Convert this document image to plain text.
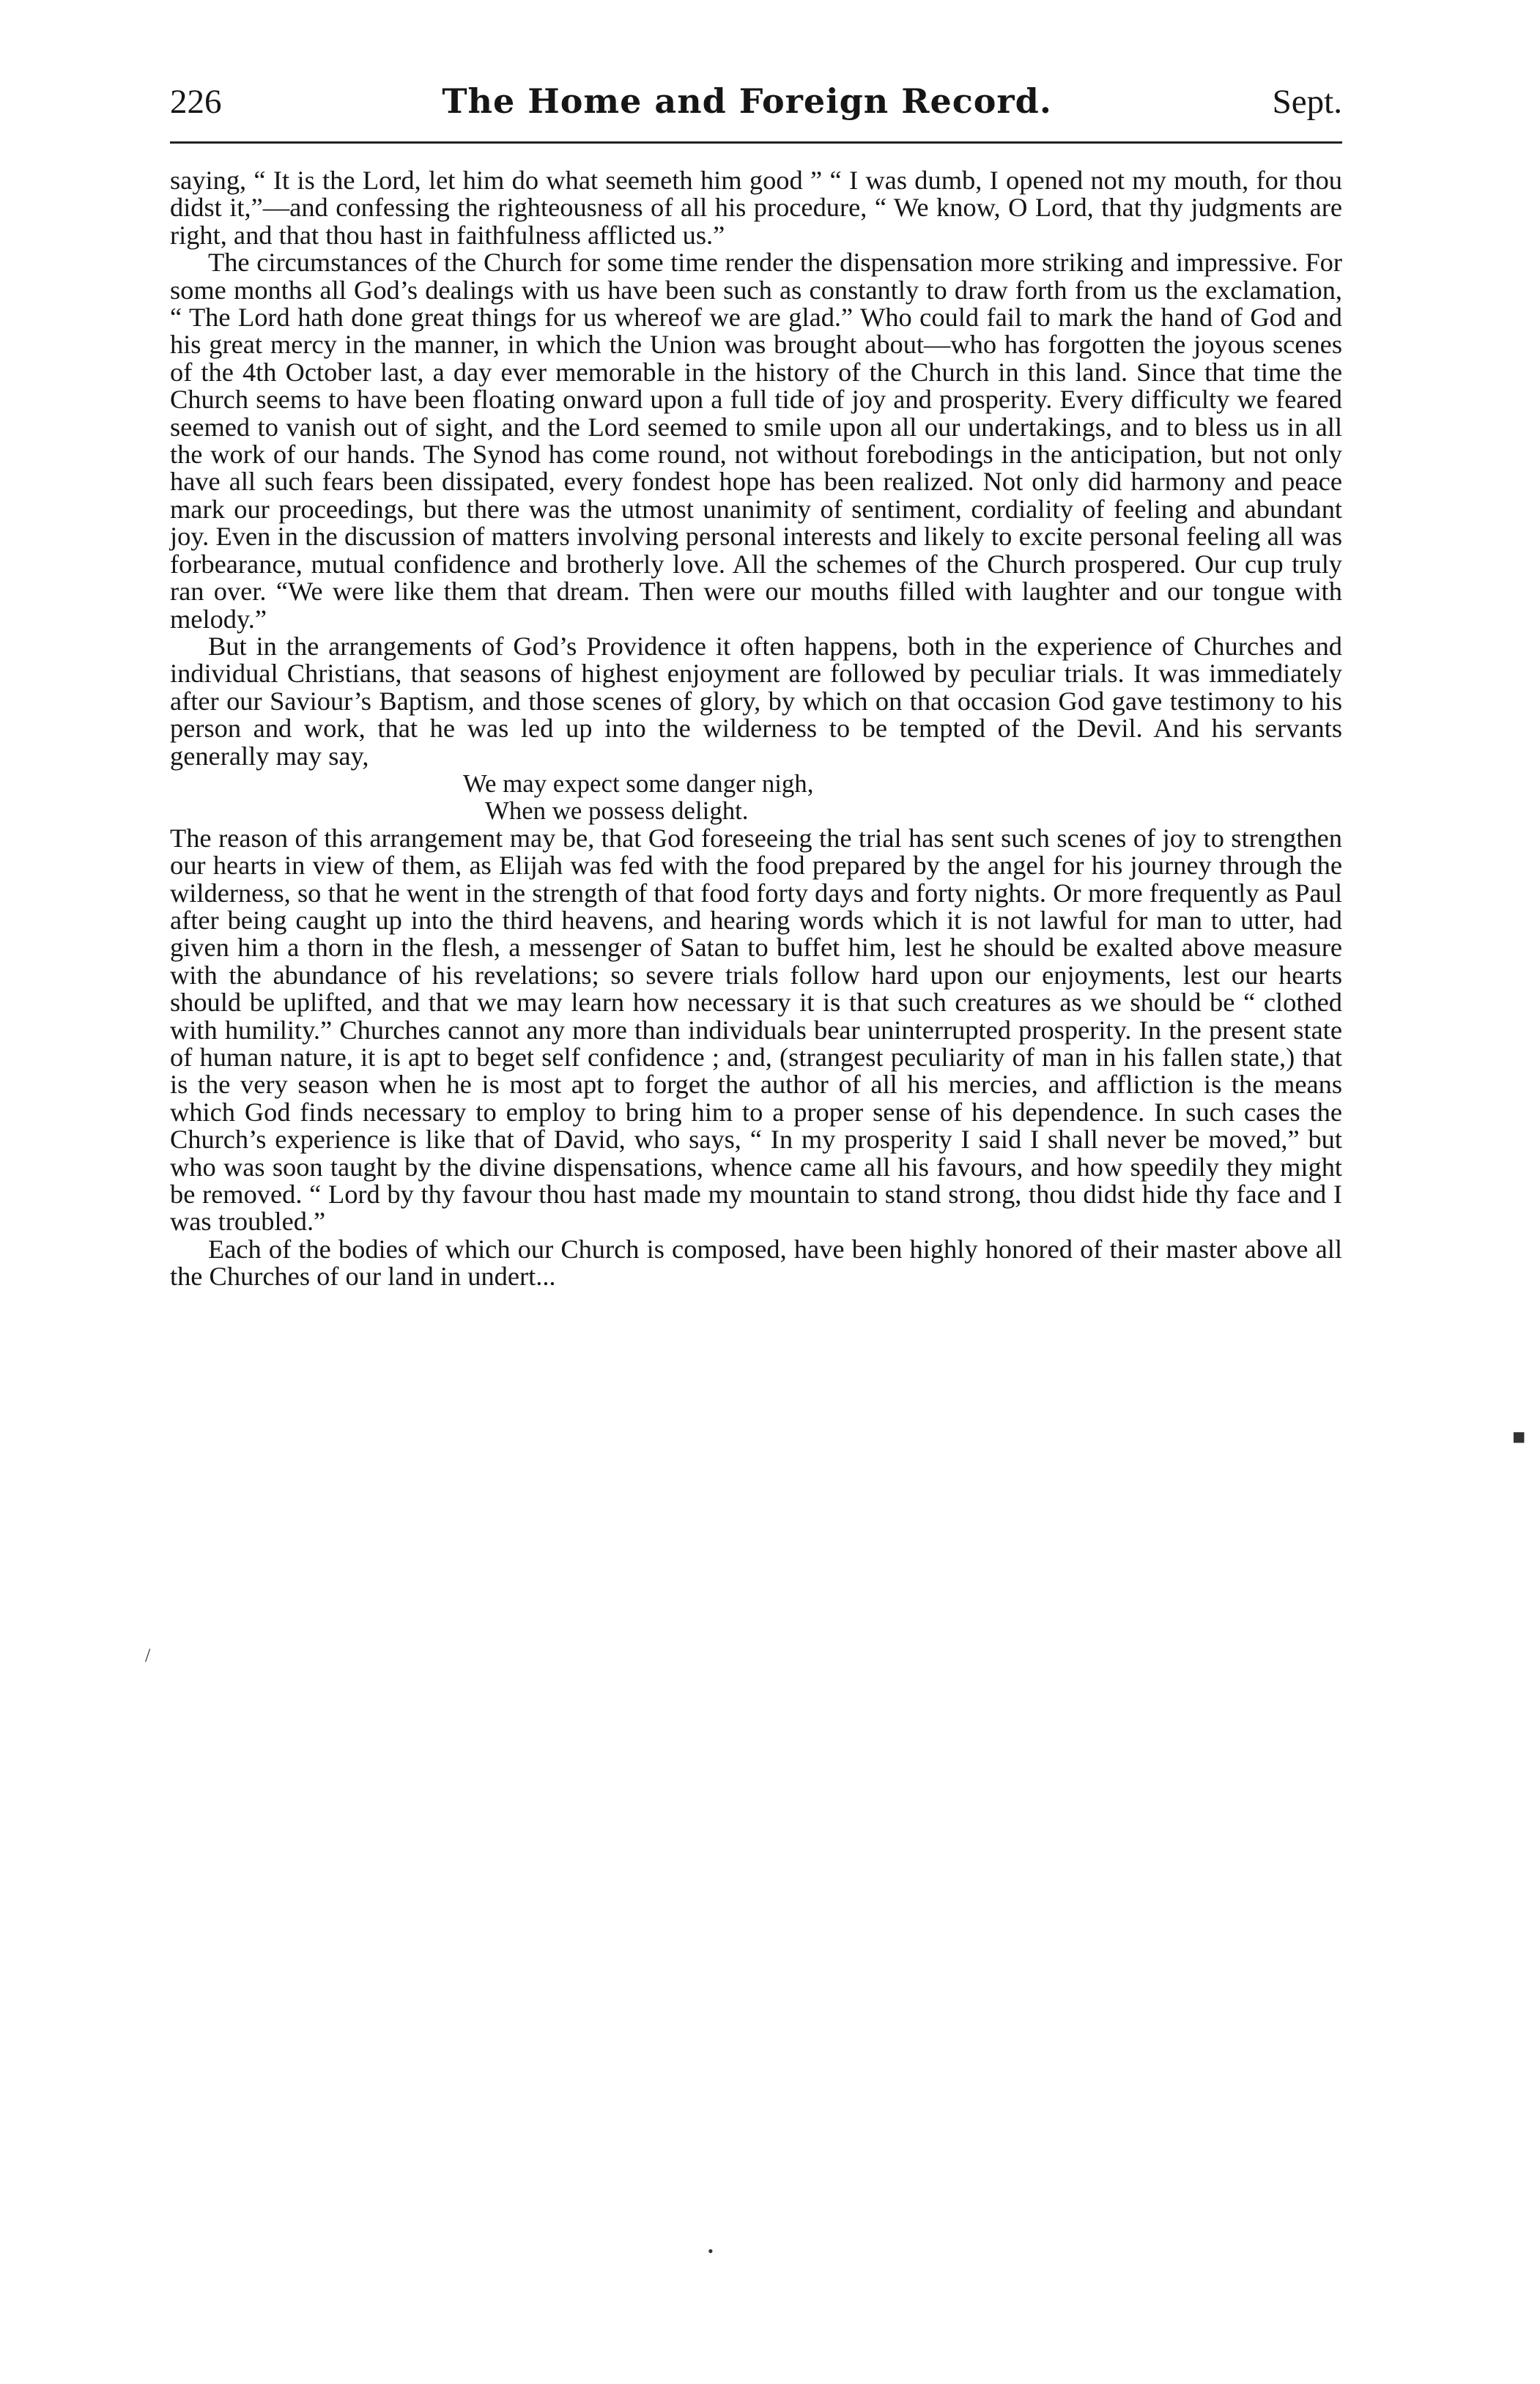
226	The Home and Foreign Record.	Sept.

saying, “ It is the Lord, let him do what seemeth him good ” “ I was dumb, I opened not my mouth, for thou didst it,”—and confessing the righteousness of all his procedure, “ We know, O Lord, that thy judgments are right, and that thou hast in faithfulness afflicted us.”

The circumstances of the Church for some time render the dispensation more striking and impressive. For some months all God’s dealings with us have been such as constantly to draw forth from us the exclamation, “ The Lord hath done great things for us whereof we are glad.” Who could fail to mark the hand of God and his great mercy in the manner, in which the Union was brought about—who has forgotten the joyous scenes of the 4th October last, a day ever memorable in the history of the Church in this land. Since that time the Church seems to have been floating onward upon a full tide of joy and prosperity. Every difficulty we feared seemed to vanish out of sight, and the Lord seemed to smile upon all our undertakings, and to bless us in all the work of our hands. The Synod has come round, not without forebodings in the anticipation, but not only have all such fears been dissipated, every fondest hope has been realized. Not only did harmony and peace mark our proceedings, but there was the utmost unanimity of sentiment, cordiality of feeling and abundant joy. Even in the discussion of matters involving personal interests and likely to excite personal feeling all was forbearance, mutual confidence and brotherly love. All the schemes of the Church prospered. Our cup truly ran over. “We were like them that dream. Then were our mouths filled with laughter and our tongue with melody.”

But in the arrangements of God’s Providence it often happens, both in the experience of Churches and individual Christians, that seasons of highest enjoyment are followed by peculiar trials. It was immediately after our Saviour’s Baptism, and those scenes of glory, by which on that occasion God gave testimony to his person and work, that he was led up into the wilderness to be tempted of the Devil. And his servants generally may say,

We may expect some danger nigh,
When we possess delight.

The reason of this arrangement may be, that God foreseeing the trial has sent such scenes of joy to strengthen our hearts in view of them, as Elijah was fed with the food prepared by the angel for his journey through the wilderness, so that he went in the strength of that food forty days and forty nights. Or more frequently as Paul after being caught up into the third heavens, and hearing words which it is not lawful for man to utter, had given him a thorn in the flesh, a messenger of Satan to buffet him, lest he should be exalted above measure with the abundance of his revelations; so severe trials follow hard upon our enjoyments, lest our hearts should be uplifted, and that we may learn how necessary it is that such creatures as we should be “ clothed with humility.” Churches cannot any more than individuals bear uninterrupted prosperity. In the present state of human nature, it is apt to beget self confidence ; and, (strangest peculiarity of man in his fallen state,) that is the very season when he is most apt to forget the author of all his mercies, and affliction is the means which God finds necessary to employ to bring him to a proper sense of his dependence. In such cases the Church’s experience is like that of David, who says, “ In my prosperity I said I shall never be moved,” but who was soon taught by the divine dispensations, whence came all his favours, and how speedily they might be removed. “ Lord by thy favour thou hast made my mountain to stand strong, thou didst hide thy face and I was troubled.”

Each of the bodies of which our Church is composed, have been highly honored of their master above all the Churches of our land in undert...

■
/
•
